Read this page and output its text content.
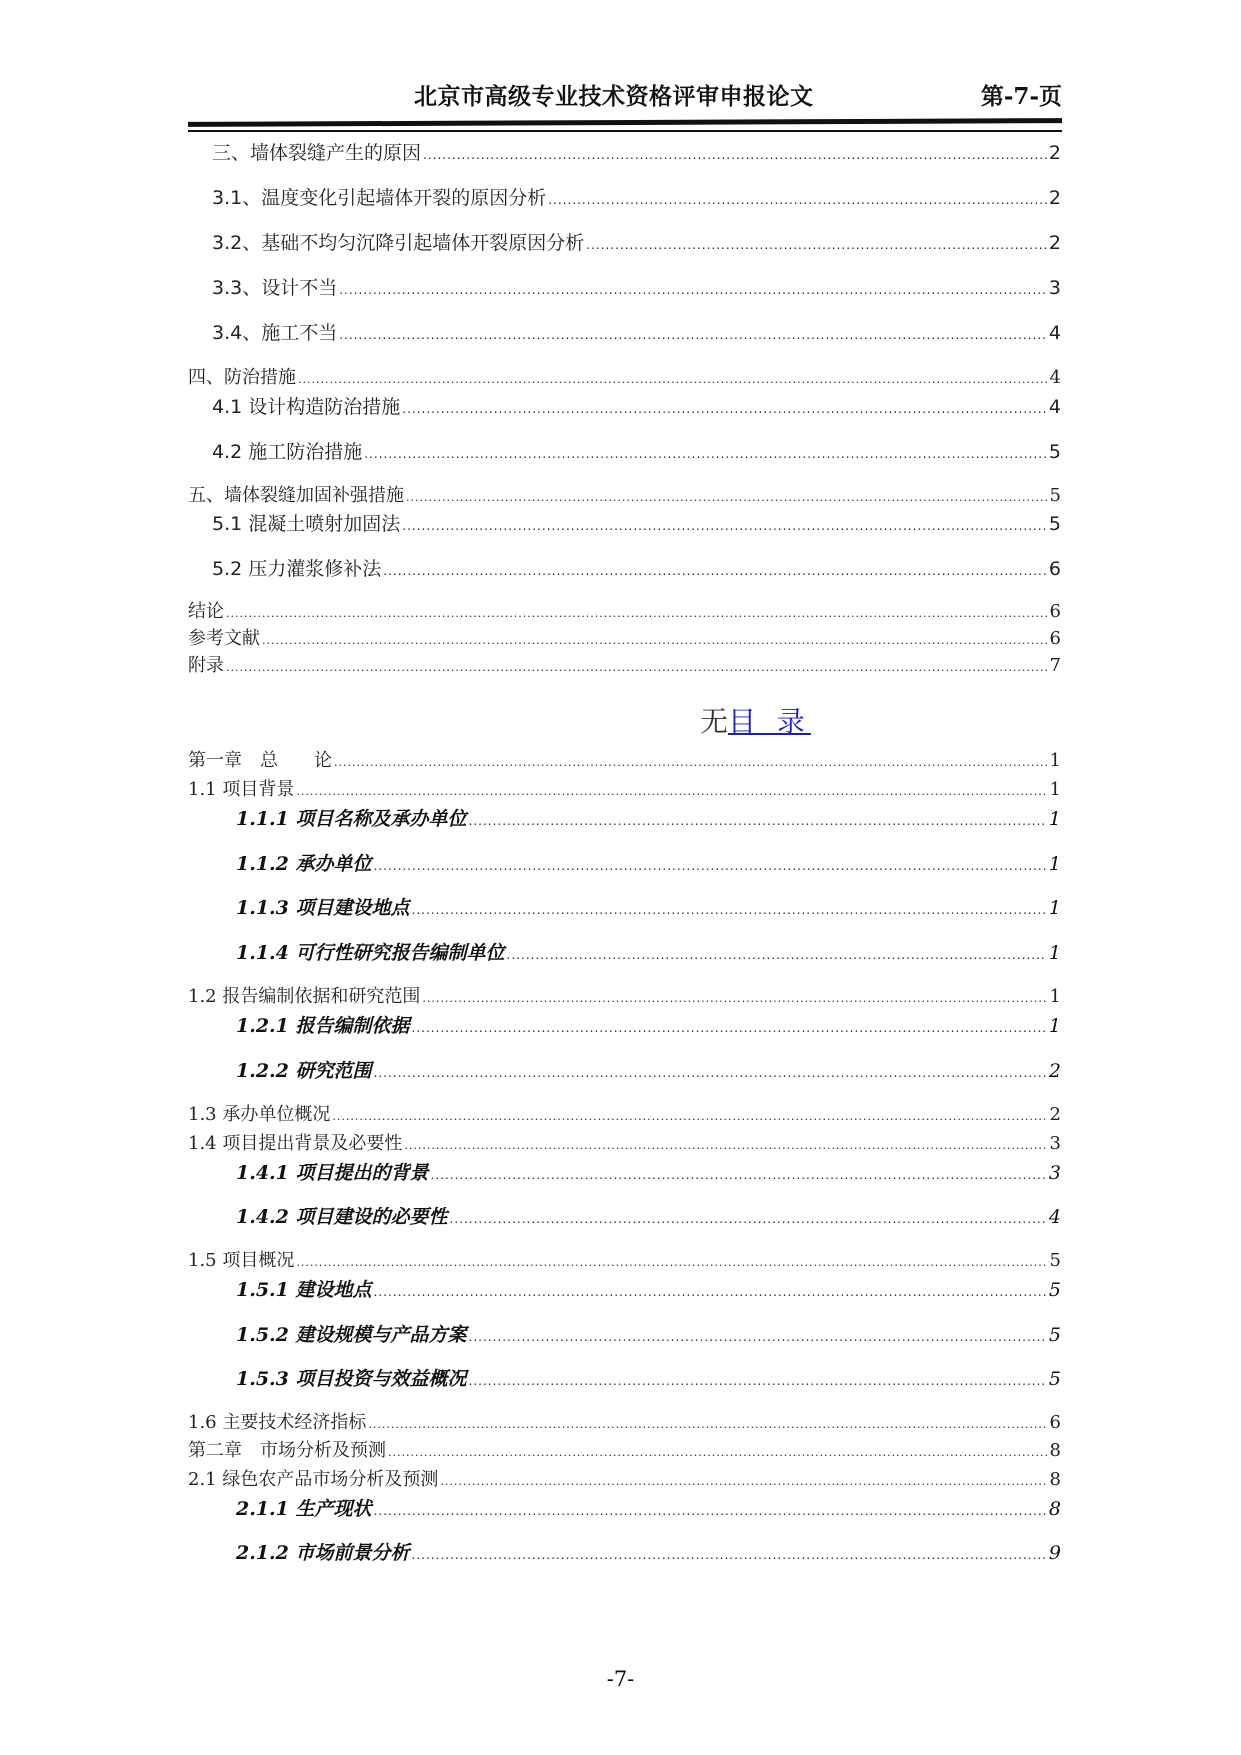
北京市高级专业技术资格评审申报论文	第-7-页
三、墙体裂缝产生的原因 .....	2
3.1、温度变化引起墙体开裂的原因分析 .....	2
3.2、基础不均匀沉降引起墙体开裂原因分析 .....	2
3.3、设计不当 .....	3
3.4、施工不当 .....	4
四、防治措施 .....	4
4.1 设计构造防治措施 .....	4
4.2 施工防治措施 .....	5
五、墙体裂缝加固补强措施 .....	5
5.1 混凝土喷射加固法 .....	5
5.2 压力灌浆修补法 .....	6
结论 .....	6
参考文献 .....	6
附录 .....	7
第一章　总　　论 .....	1
1.1 项目背景 .....	1
1.1.1 项目名称及承办单位 .....	1
1.1.2 承办单位 .....	1
1.1.3 项目建设地点 .....	1
1.1.4 可行性研究报告编制单位 .....	1
1.2 报告编制依据和研究范围 .....	1
1.2.1 报告编制依据 .....	1
1.2.2 研究范围 .....	2
1.3 承办单位概况 .....	2
1.4 项目提出背景及必要性 .....	3
1.4.1 项目提出的背景 .....	3
1.4.2 项目建设的必要性 .....	4
1.5 项目概况 .....	5
1.5.1 建设地点 .....	5
1.5.2 建设规模与产品方案 .....	5
1.5.3 项目投资与效益概况 .....	5
1.6 主要技术经济指标 .....	6
第二章　市场分析及预测 .....	8
2.1 绿色农产品市场分析及预测 .....	8
2.1.1 生产现状 .....	8
2.1.2 市场前景分析 .....	9
无目 录
-7-
